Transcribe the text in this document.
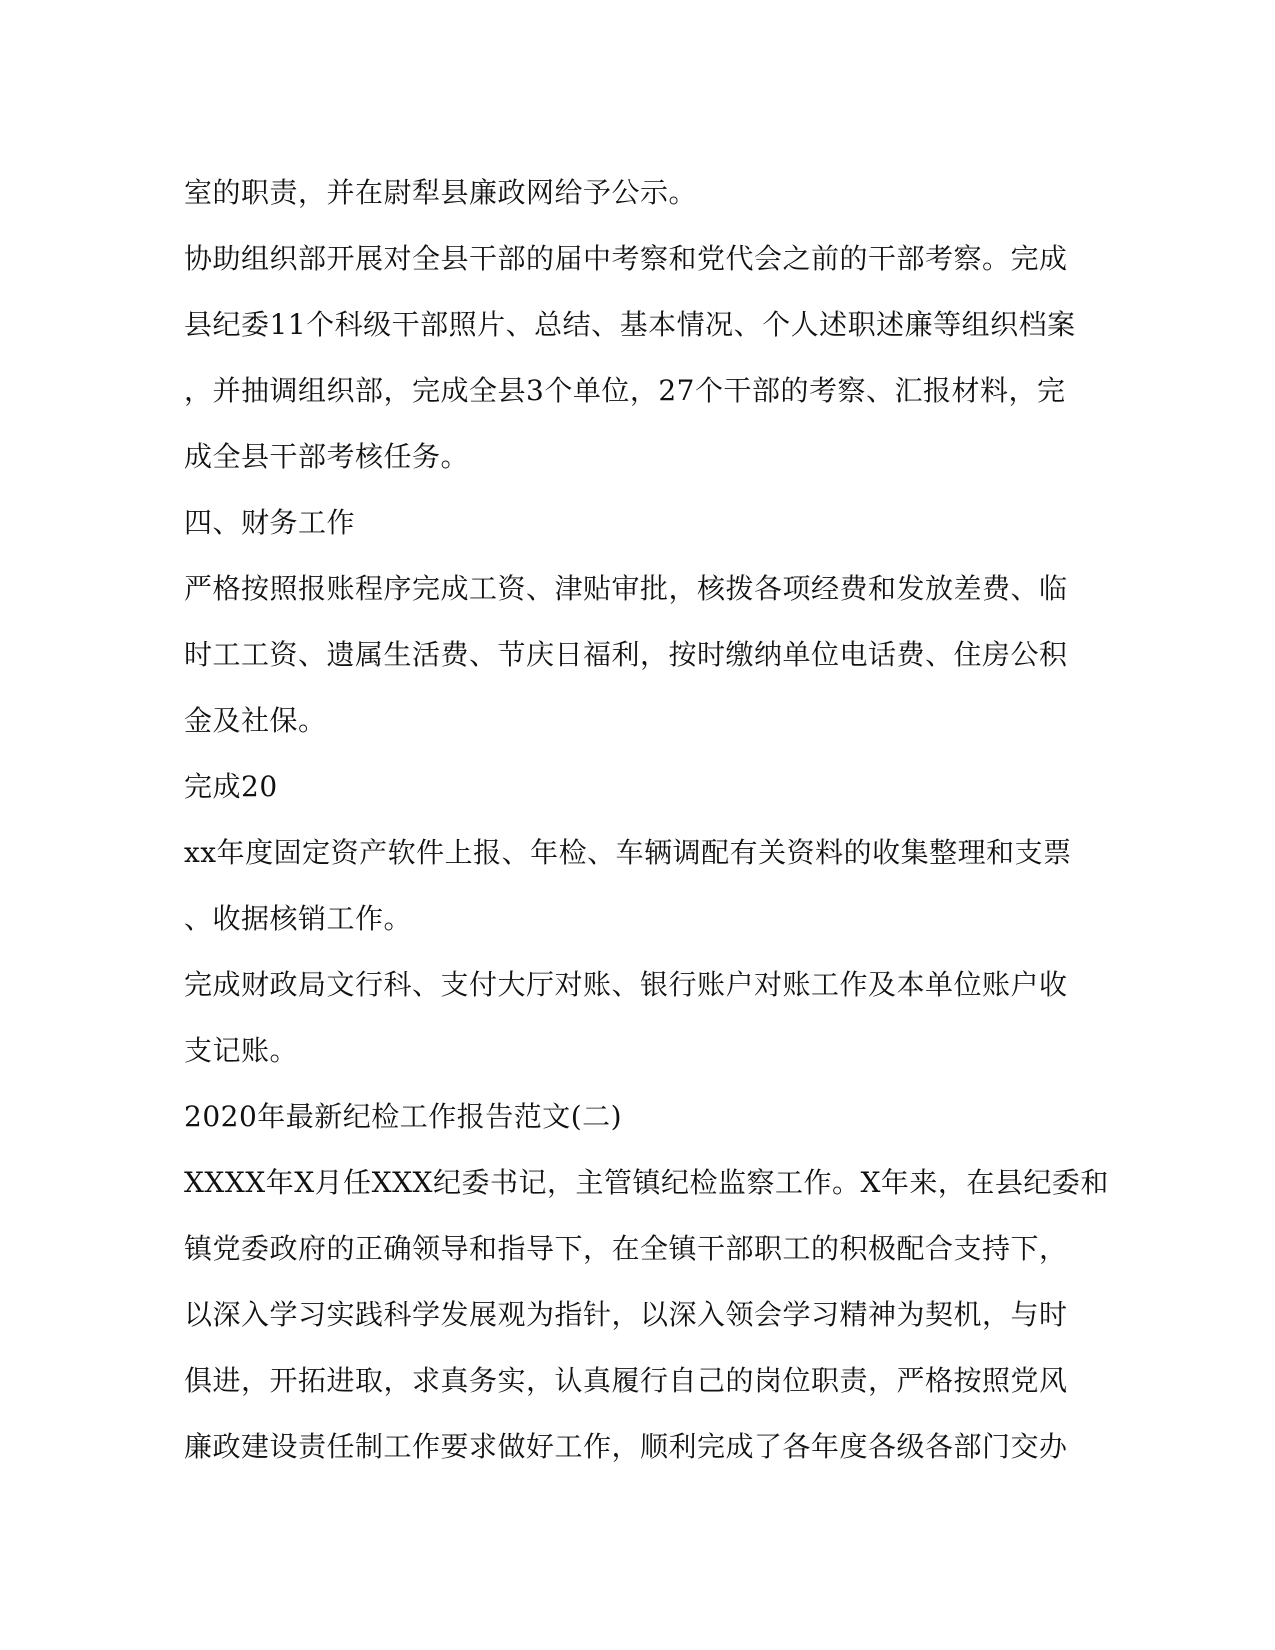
室的职责，并在尉犁县廉政网给予公示。
协助组织部开展对全县干部的届中考察和党代会之前的干部考察。完成
县纪委11个科级干部照片、总结、基本情况、个人述职述廉等组织档案
，并抽调组织部，完成全县3个单位，27个干部的考察、汇报材料，完
成全县干部考核任务。
四、财务工作
严格按照报账程序完成工资、津贴审批，核拨各项经费和发放差费、临
时工工资、遗属生活费、节庆日福利，按时缴纳单位电话费、住房公积
金及社保。
完成20
xx年度固定资产软件上报、年检、车辆调配有关资料的收集整理和支票
、收据核销工作。
完成财政局文行科、支付大厅对账、银行账户对账工作及本单位账户收
支记账。
2020年最新纪检工作报告范文(二)
XXXX年X月任XXX纪委书记，主管镇纪检监察工作。X年来，在县纪委和
镇党委政府的正确领导和指导下，在全镇干部职工的积极配合支持下，
以深入学习实践科学发展观为指针，以深入领会学习精神为契机，与时
俱进，开拓进取，求真务实，认真履行自己的岗位职责，严格按照党风
廉政建设责任制工作要求做好工作，顺利完成了各年度各级各部门交办
